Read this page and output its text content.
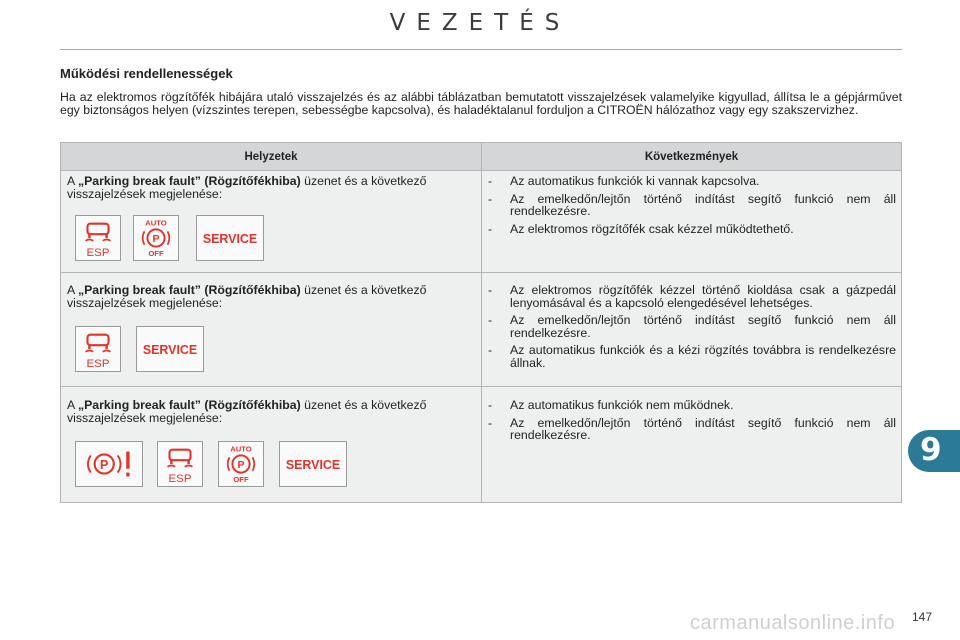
VEZETÉS
Működési rendellenességek

Ha az elektromos rögzítőfék hibájára utaló visszajelzés és az alábbi táblázatban bemutatott visszajelzések valamelyike kigyullad, állítsa le a gépjárművet egy biztonságos helyen (vízszintes terepen, sebességbe kapcsolva), és haladéktalanul forduljon a CITROËN hálózathoz vagy egy szakszervizhez.

Helyzetek	Következmények
A „Parking break fault” (Rögzítőfékhiba) üzenet és a következő visszajelzések megjelenése:
ESP
AUTO
P
OFF
SERVICE
- Az automatikus funkciók ki vannak kapcsolva.
- Az emelkedőn/lejtőn történő indítást segítő funkció nem áll rendelkezésre.
- Az elektromos rögzítőfék csak kézzel működtethető.
A „Parking break fault” (Rögzítőfékhiba) üzenet és a következő visszajelzések megjelenése:
ESP
SERVICE
- Az elektromos rögzítőfék kézzel történő kioldása csak a gázpedál lenyomásával és a kapcsoló elengedésével lehetséges.
- Az emelkedőn/lejtőn történő indítást segítő funkció nem áll rendelkezésre.
- Az automatikus funkciók és a kézi rögzítés továbbra is rendelkezésre állnak.
A „Parking break fault” (Rögzítőfékhiba) üzenet és a következő visszajelzések megjelenése:
P
ESP
AUTO
P
OFF
SERVICE
- Az automatikus funkciók nem működnek.
- Az emelkedőn/lejtőn történő indítást segítő funkció nem áll rendelkezésre.	9
carmanualsonline.info 147
